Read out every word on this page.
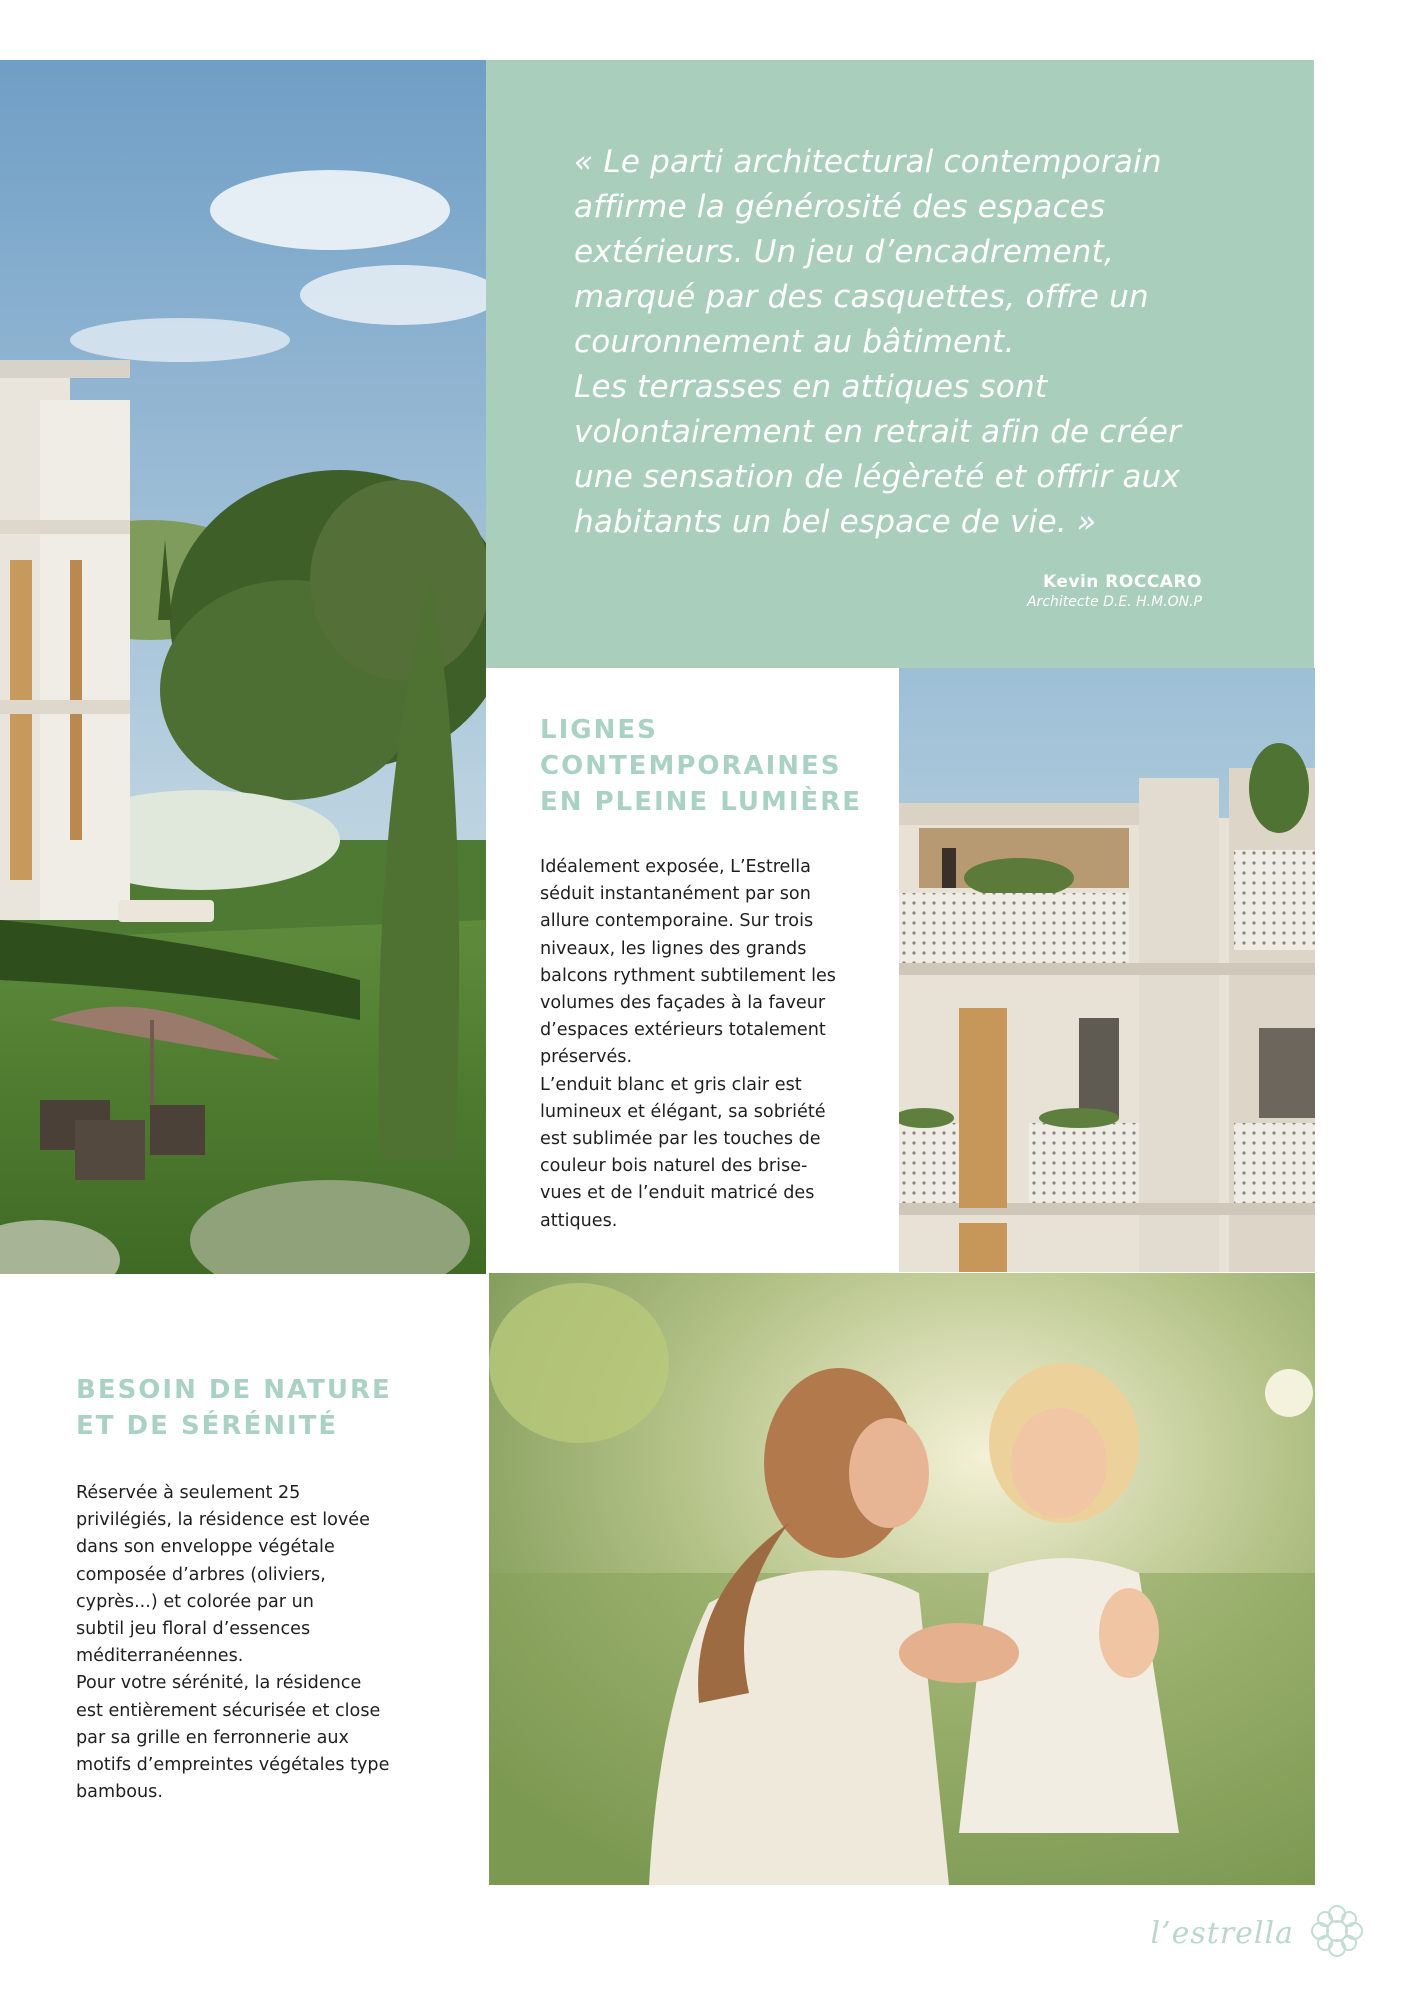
« Le parti architectural contemporain
affirme la générosité des espaces
extérieurs. Un jeu d’encadrement,
marqué par des casquettes, offre un
couronnement au bâtiment.
Les terrasses en attiques sont
volontairement en retrait afin de créer
une sensation de légèreté et offrir aux
habitants un bel espace de vie. »

Kevin ROCCARO
Architecte D.E. H.M.ON.P
LIGNES
CONTEMPORAINES
EN PLEINE LUMIÈRE

Idéalement exposée, L’Estrella
séduit instantanément par son
allure contemporaine. Sur trois
niveaux, les lignes des grands
balcons rythment subtilement les
volumes des façades à la faveur
d’espaces extérieurs totalement
préservés.
L’enduit blanc et gris clair est
lumineux et élégant, sa sobriété
est sublimée par les touches de
couleur bois naturel des brise-
vues et de l’enduit matricé des
attiques.

BESOIN DE NATURE
ET DE SÉRÉNITÉ

Réservée à seulement 25
privilégiés, la résidence est lovée
dans son enveloppe végétale
composée d’arbres (oliviers,
cyprès...) et colorée par un
subtil jeu floral d’essences
méditerranéennes.
Pour votre sérénité, la résidence
est entièrement sécurisée et close
par sa grille en ferronnerie aux
motifs d’empreintes végétales type
bambous.

l’estrella
